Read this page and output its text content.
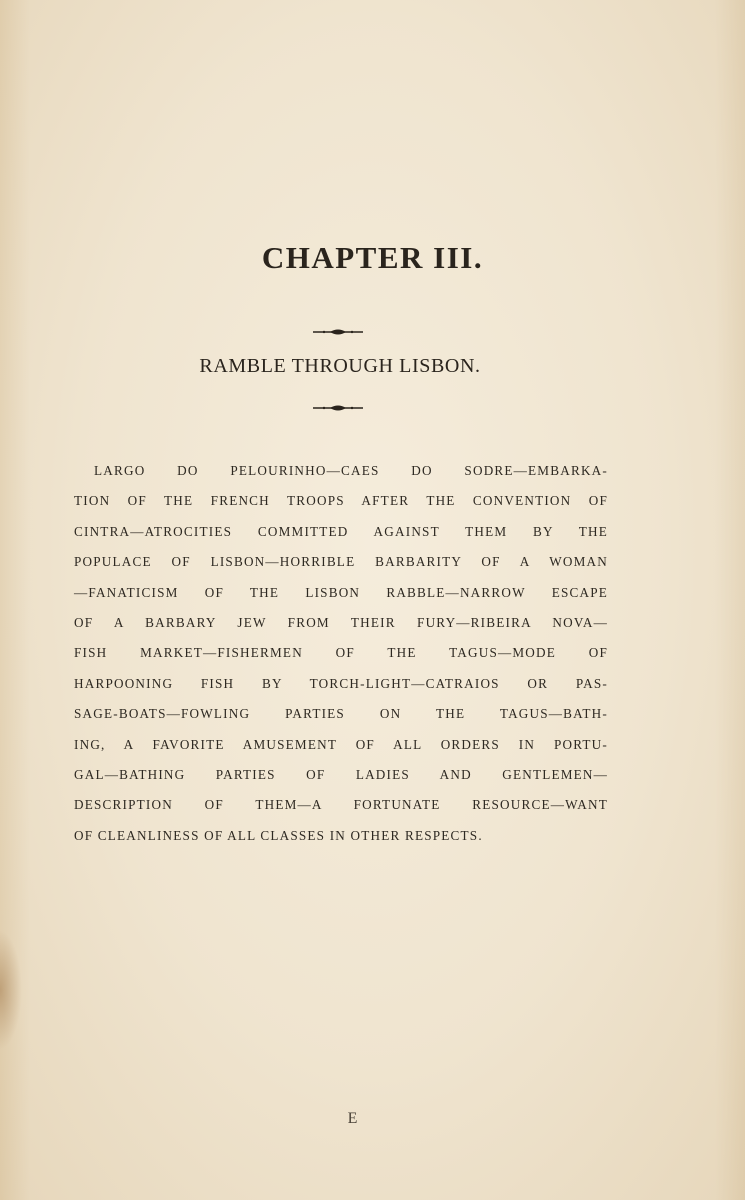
CHAPTER III.
RAMBLE THROUGH LISBON.
LARGO DO PELOURINHO—CAES DO SODRE—EMBARKA-
TION OF THE FRENCH TROOPS AFTER THE CONVENTION OF
CINTRA—ATROCITIES COMMITTED AGAINST THEM BY THE
POPULACE OF LISBON—HORRIBLE BARBARITY OF A WOMAN
—FANATICISM OF THE LISBON RABBLE—NARROW ESCAPE
OF A BARBARY JEW FROM THEIR FURY—RIBEIRA NOVA—
FISH MARKET—FISHERMEN OF THE TAGUS—MODE OF
HARPOONING FISH BY TORCH-LIGHT—CATRAIOS OR PAS-
SAGE-BOATS—FOWLING PARTIES ON THE TAGUS—BATH-
ING, A FAVORITE AMUSEMENT OF ALL ORDERS IN PORTU-
GAL—BATHING PARTIES OF LADIES AND GENTLEMEN—
DESCRIPTION OF THEM—A FORTUNATE RESOURCE—WANT
OF CLEANLINESS OF ALL CLASSES IN OTHER RESPECTS.
E
